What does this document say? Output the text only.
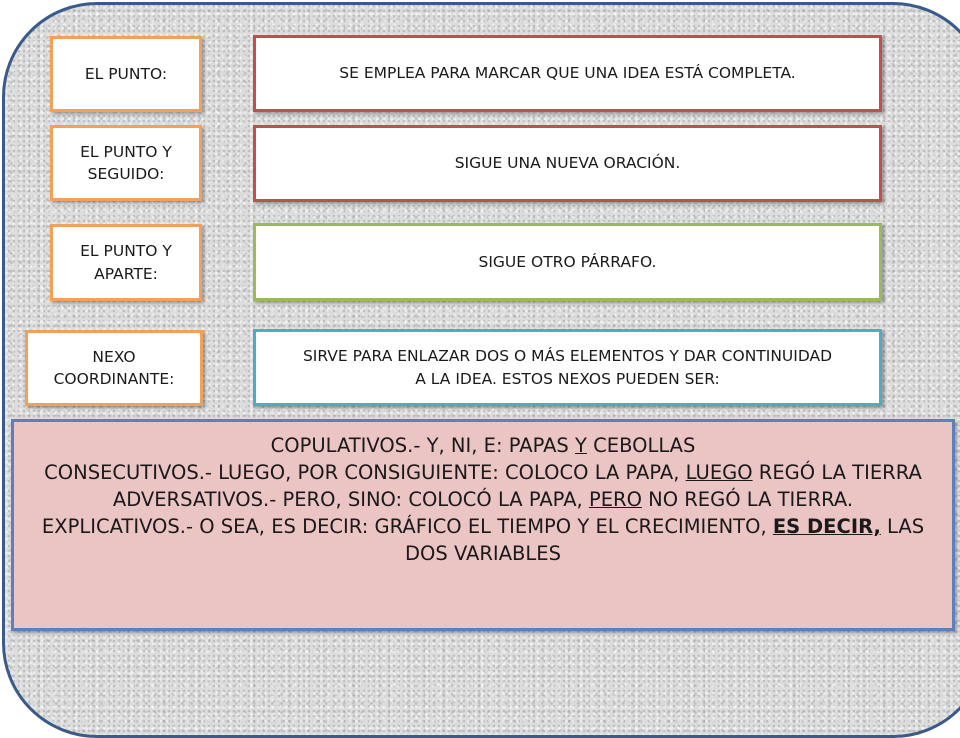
EL PUNTO:	SE EMPLEA PARA MARCAR QUE UNA IDEA ESTÁ COMPLETA.
EL PUNTO Y SEGUIDO:
SIGUE UNA NUEVA ORACIÓN.
EL PUNTO Y APARTE:
SIGUE OTRO PÁRRAFO.
NEXO COORDINANTE:
SIRVE PARA ENLAZAR DOS O MÁS ELEMENTOS Y DAR CONTINUIDAD A LA IDEA. ESTOS NEXOS PUEDEN SER:
COPULATIVOS.- Y, NI, E: PAPAS Y CEBOLLAS
CONSECUTIVOS.- LUEGO, POR CONSIGUIENTE: COLOCO LA PAPA, LUEGO REGÓ LA TIERRA
ADVERSATIVOS.- PERO, SINO: COLOCÓ LA PAPA, PERO NO REGÓ LA TIERRA.
EXPLICATIVOS.- O SEA, ES DECIR: GRÁFICO EL TIEMPO Y EL CRECIMIENTO, ES DECIR, LAS DOS VARIABLES
